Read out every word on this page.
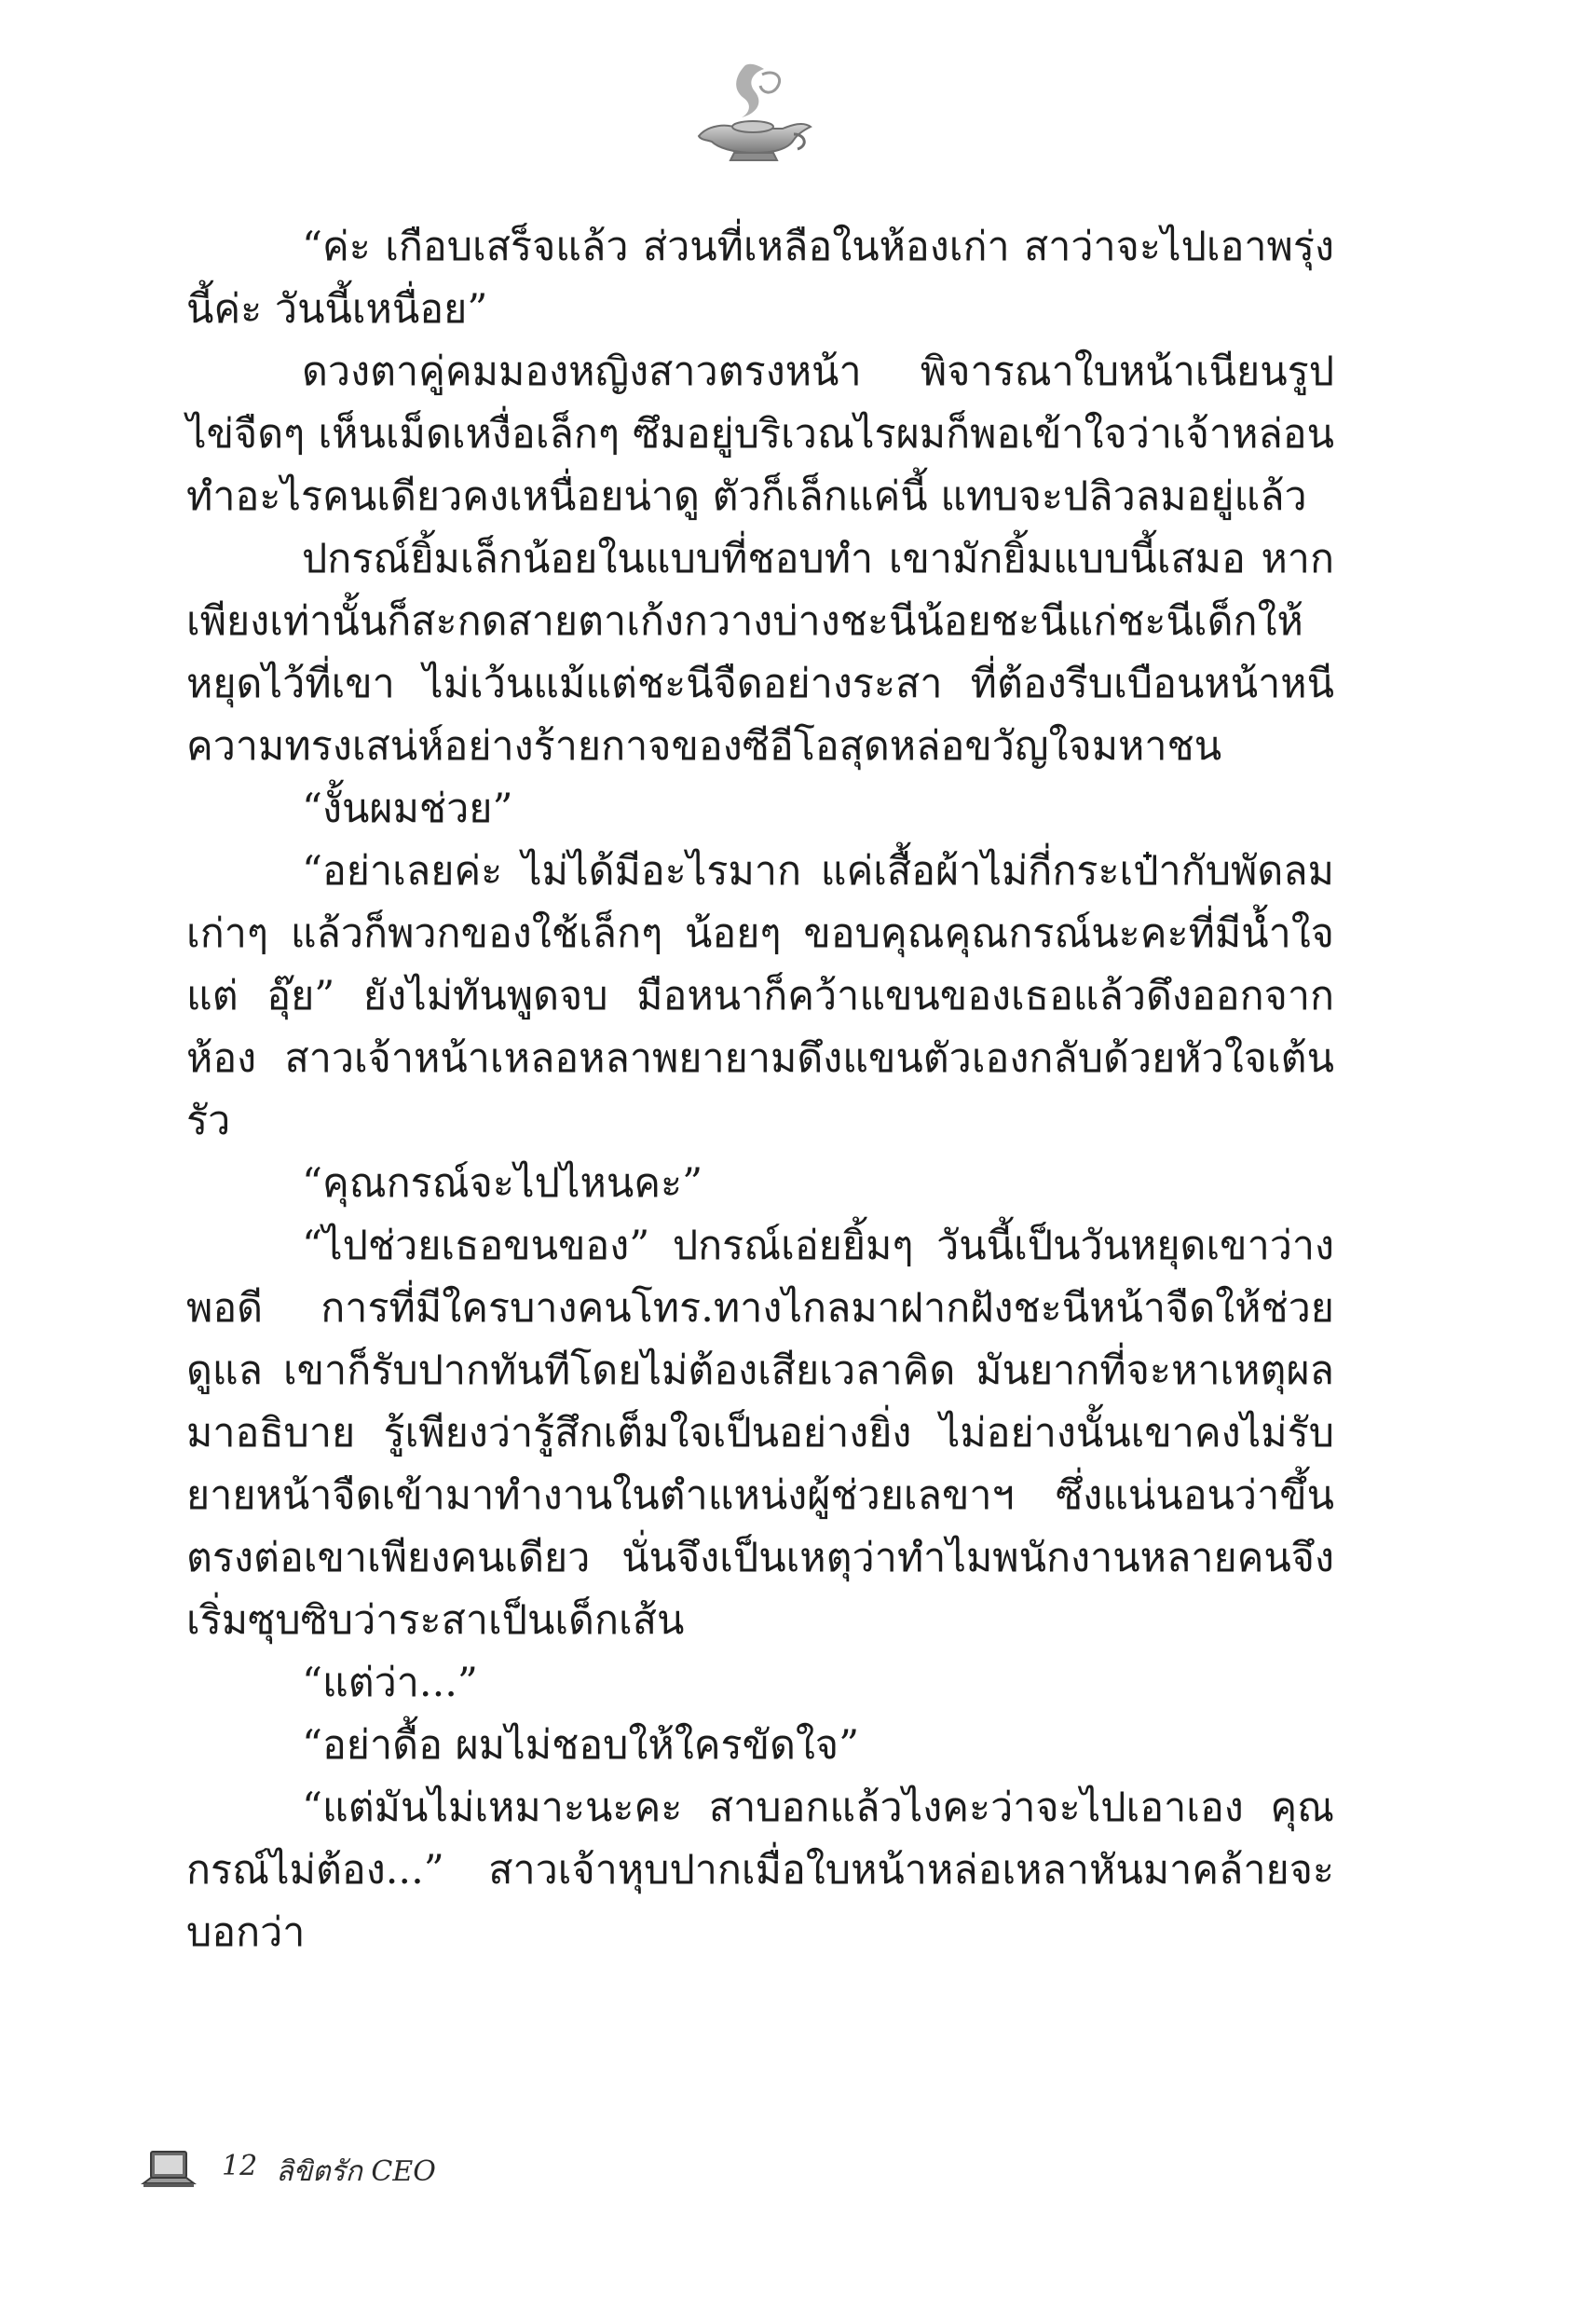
“ค่ะ เกือบเสร็จแล้ว ส่วนที่เหลือในห้องเก่า สาว่าจะไปเอาพรุ่งนี้ค่ะ วันนี้เหนื่อย”

ดวงตาคู่คมมองหญิงสาวตรงหน้า พิจารณาใบหน้าเนียนรูปไข่จืดๆ เห็นเม็ดเหงื่อเล็กๆ ซึมอยู่บริเวณไรผมก็พอเข้าใจว่าเจ้าหล่อนทำอะไรคนเดียวคงเหนื่อยน่าดู ตัวก็เล็กแค่นี้ แทบจะปลิวลมอยู่แล้ว

ปกรณ์ยิ้มเล็กน้อยในแบบที่ชอบทำ เขามักยิ้มแบบนี้เสมอ หากเพียงเท่านั้นก็สะกดสายตาเก้งกวางบ่างชะนีน้อยชะนีแก่ชะนีเด็กให้หยุดไว้ที่เขา ไม่เว้นแม้แต่ชะนีจืดอย่างระสา ที่ต้องรีบเบือนหน้าหนีความทรงเสน่ห์อย่างร้ายกาจของซีอีโอสุดหล่อขวัญใจมหาชน

“งั้นผมช่วย”

“อย่าเลยค่ะ ไม่ได้มีอะไรมาก แค่เสื้อผ้าไม่กี่กระเป๋ากับพัดลมเก่าๆ แล้วก็พวกของใช้เล็กๆ น้อยๆ ขอบคุณคุณกรณ์นะคะที่มีน้ำใจ แต่ อุ๊ย” ยังไม่ทันพูดจบ มือหนาก็คว้าแขนของเธอแล้วดึงออกจากห้อง สาวเจ้าหน้าเหลอหลาพยายามดึงแขนตัวเองกลับด้วยหัวใจเต้นรัว

“คุณกรณ์จะไปไหนคะ”

“ไปช่วยเธอขนของ” ปกรณ์เอ่ยยิ้มๆ วันนี้เป็นวันหยุดเขาว่างพอดี การที่มีใครบางคนโทร.ทางไกลมาฝากฝังชะนีหน้าจืดให้ช่วยดูแล เขาก็รับปากทันทีโดยไม่ต้องเสียเวลาคิด มันยากที่จะหาเหตุผลมาอธิบาย รู้เพียงว่ารู้สึกเต็มใจเป็นอย่างยิ่ง ไม่อย่างนั้นเขาคงไม่รับยายหน้าจืดเข้ามาทำงานในตำแหน่งผู้ช่วยเลขาฯ ซึ่งแน่นอนว่าขึ้นตรงต่อเขาเพียงคนเดียว นั่นจึงเป็นเหตุว่าทำไมพนักงานหลายคนจึงเริ่มซุบซิบว่าระสาเป็นเด็กเส้น

“แต่ว่า...”

“อย่าดื้อ ผมไม่ชอบให้ใครขัดใจ”

“แต่มันไม่เหมาะนะคะ สาบอกแล้วไงคะว่าจะไปเอาเอง คุณกรณ์ไม่ต้อง...” สาวเจ้าหุบปากเมื่อใบหน้าหล่อเหลาหันมาคล้ายจะบอกว่า

12 ลิขิตรัก CEO
